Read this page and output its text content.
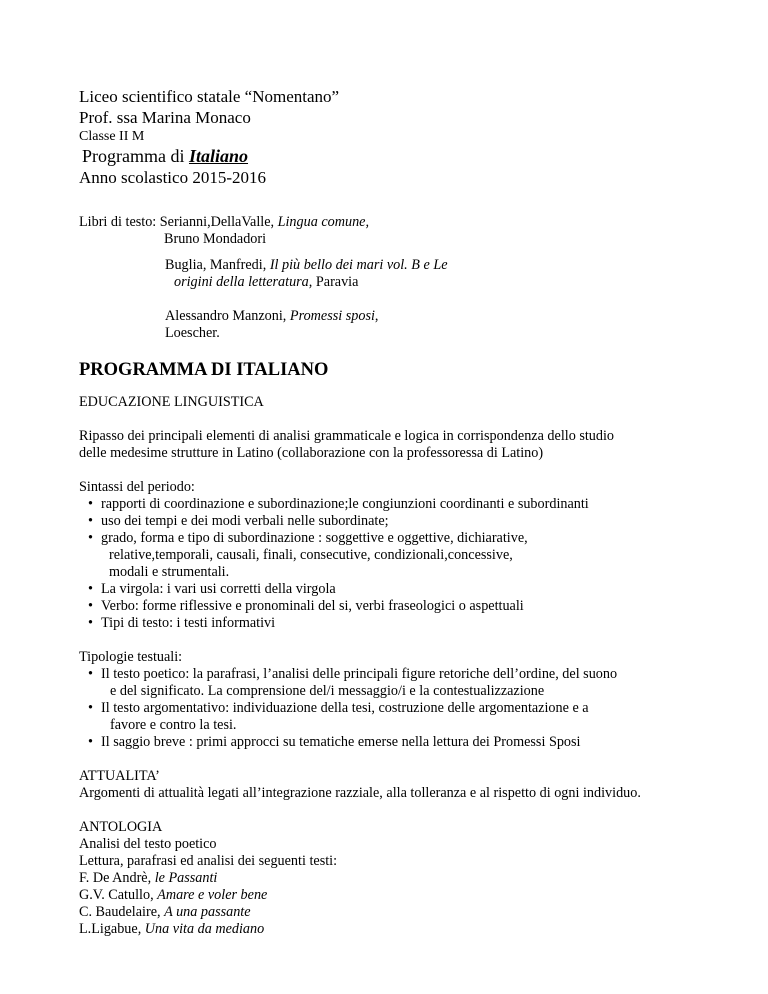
Liceo scientifico statale “Nomentano”
Prof. ssa Marina Monaco
Classe II M
Programma di Italiano
Anno scolastico 2015-2016
Libri di testo: Serianni,DellaValle, Lingua comune,
Bruno Mondadori
Buglia, Manfredi, Il più bello dei mari vol. B e Le
origini della letteratura, Paravia
Alessandro Manzoni, Promessi sposi,
Loescher.
PROGRAMMA DI ITALIANO
EDUCAZIONE LINGUISTICA
Ripasso dei principali elementi di analisi grammaticale e logica in corrispondenza dello studio
delle medesime strutture in Latino (collaborazione con la professoressa di Latino)
Sintassi del periodo:
• rapporti di coordinazione e subordinazione;le congiunzioni coordinanti e subordinanti
• uso dei tempi e dei modi verbali nelle subordinate;
• grado, forma e tipo di subordinazione : soggettive e oggettive, dichiarative,
relative,temporali, causali, finali, consecutive, condizionali,concessive,
modali e strumentali.
• La virgola: i vari usi corretti della virgola
• Verbo: forme riflessive e pronominali del si, verbi fraseologici o aspettuali
• Tipi di testo: i testi informativi
Tipologie testuali:
• Il testo poetico: la parafrasi, l’analisi delle principali figure retoriche dell’ordine, del suono
e del significato. La comprensione del/i messaggio/i e la contestualizzazione
• Il testo argomentativo: individuazione della tesi, costruzione delle argomentazione e a
favore e contro la tesi.
• Il saggio breve : primi approcci su tematiche emerse nella lettura dei Promessi Sposi
ATTUALITA’
Argomenti di attualità legati all’integrazione razziale, alla tolleranza e al rispetto di ogni individuo.
ANTOLOGIA
Analisi del testo poetico
Lettura, parafrasi ed analisi dei seguenti testi:
F. De Andrè, le Passanti
G.V. Catullo, Amare e voler bene
C. Baudelaire, A una passante
L.Ligabue, Una vita da mediano
